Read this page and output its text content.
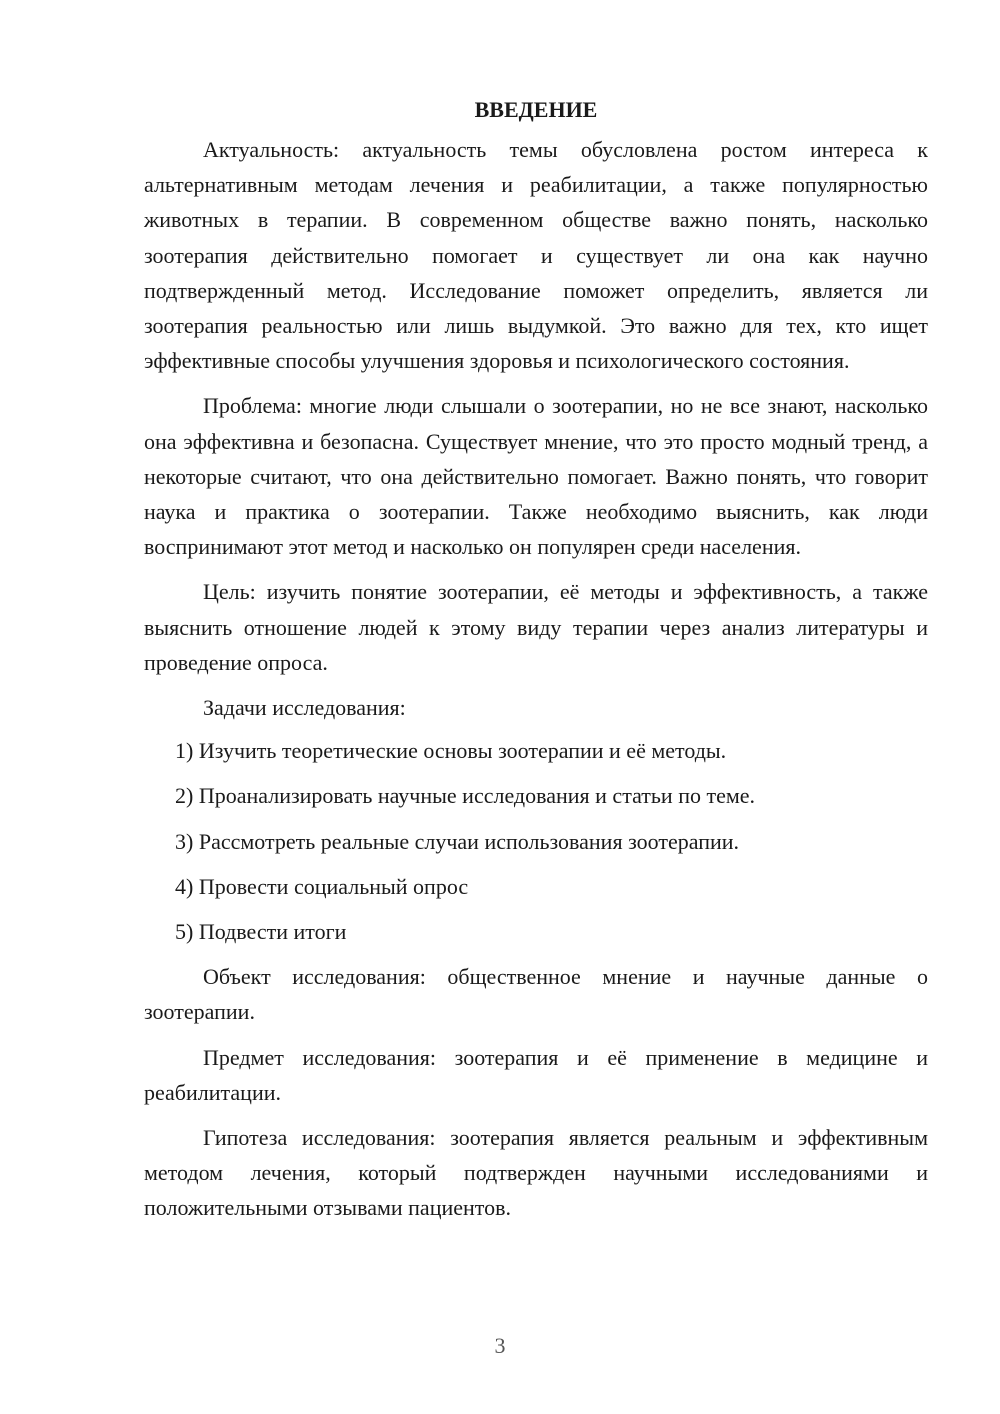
ВВЕДЕНИЕ

Актуальность: актуальность темы обусловлена ростом интереса к альтернативным методам лечения и реабилитации, а также популярностью животных в терапии. В современном обществе важно понять, насколько зоотерапия действительно помогает и существует ли она как научно подтвержденный метод. Исследование поможет определить, является ли зоотерапия реальностью или лишь выдумкой. Это важно для тех, кто ищет эффективные способы улучшения здоровья и психологического состояния.

Проблема: многие люди слышали о зоотерапии, но не все знают, насколько она эффективна и безопасна. Существует мнение, что это просто модный тренд, а некоторые считают, что она действительно помогает. Важно понять, что говорит наука и практика о зоотерапии. Также необходимо выяснить, как люди воспринимают этот метод и насколько он популярен среди населения.

Цель: изучить понятие зоотерапии, её методы и эффективность, а также выяснить отношение людей к этому виду терапии через анализ литературы и проведение опроса.

Задачи исследования:

1) Изучить теоретические основы зоотерапии и её методы.
2) Проанализировать научные исследования и статьи по теме.
3) Рассмотреть реальные случаи использования зоотерапии.
4) Провести социальный опрос
5) Подвести итоги

Объект исследования: общественное мнение и научные данные о зоотерапии.

Предмет исследования: зоотерапия и её применение в медицине и реабилитации.

Гипотеза исследования: зоотерапия является реальным и эффективным методом лечения, который подтвержден научными исследованиями и положительными отзывами пациентов.

3
